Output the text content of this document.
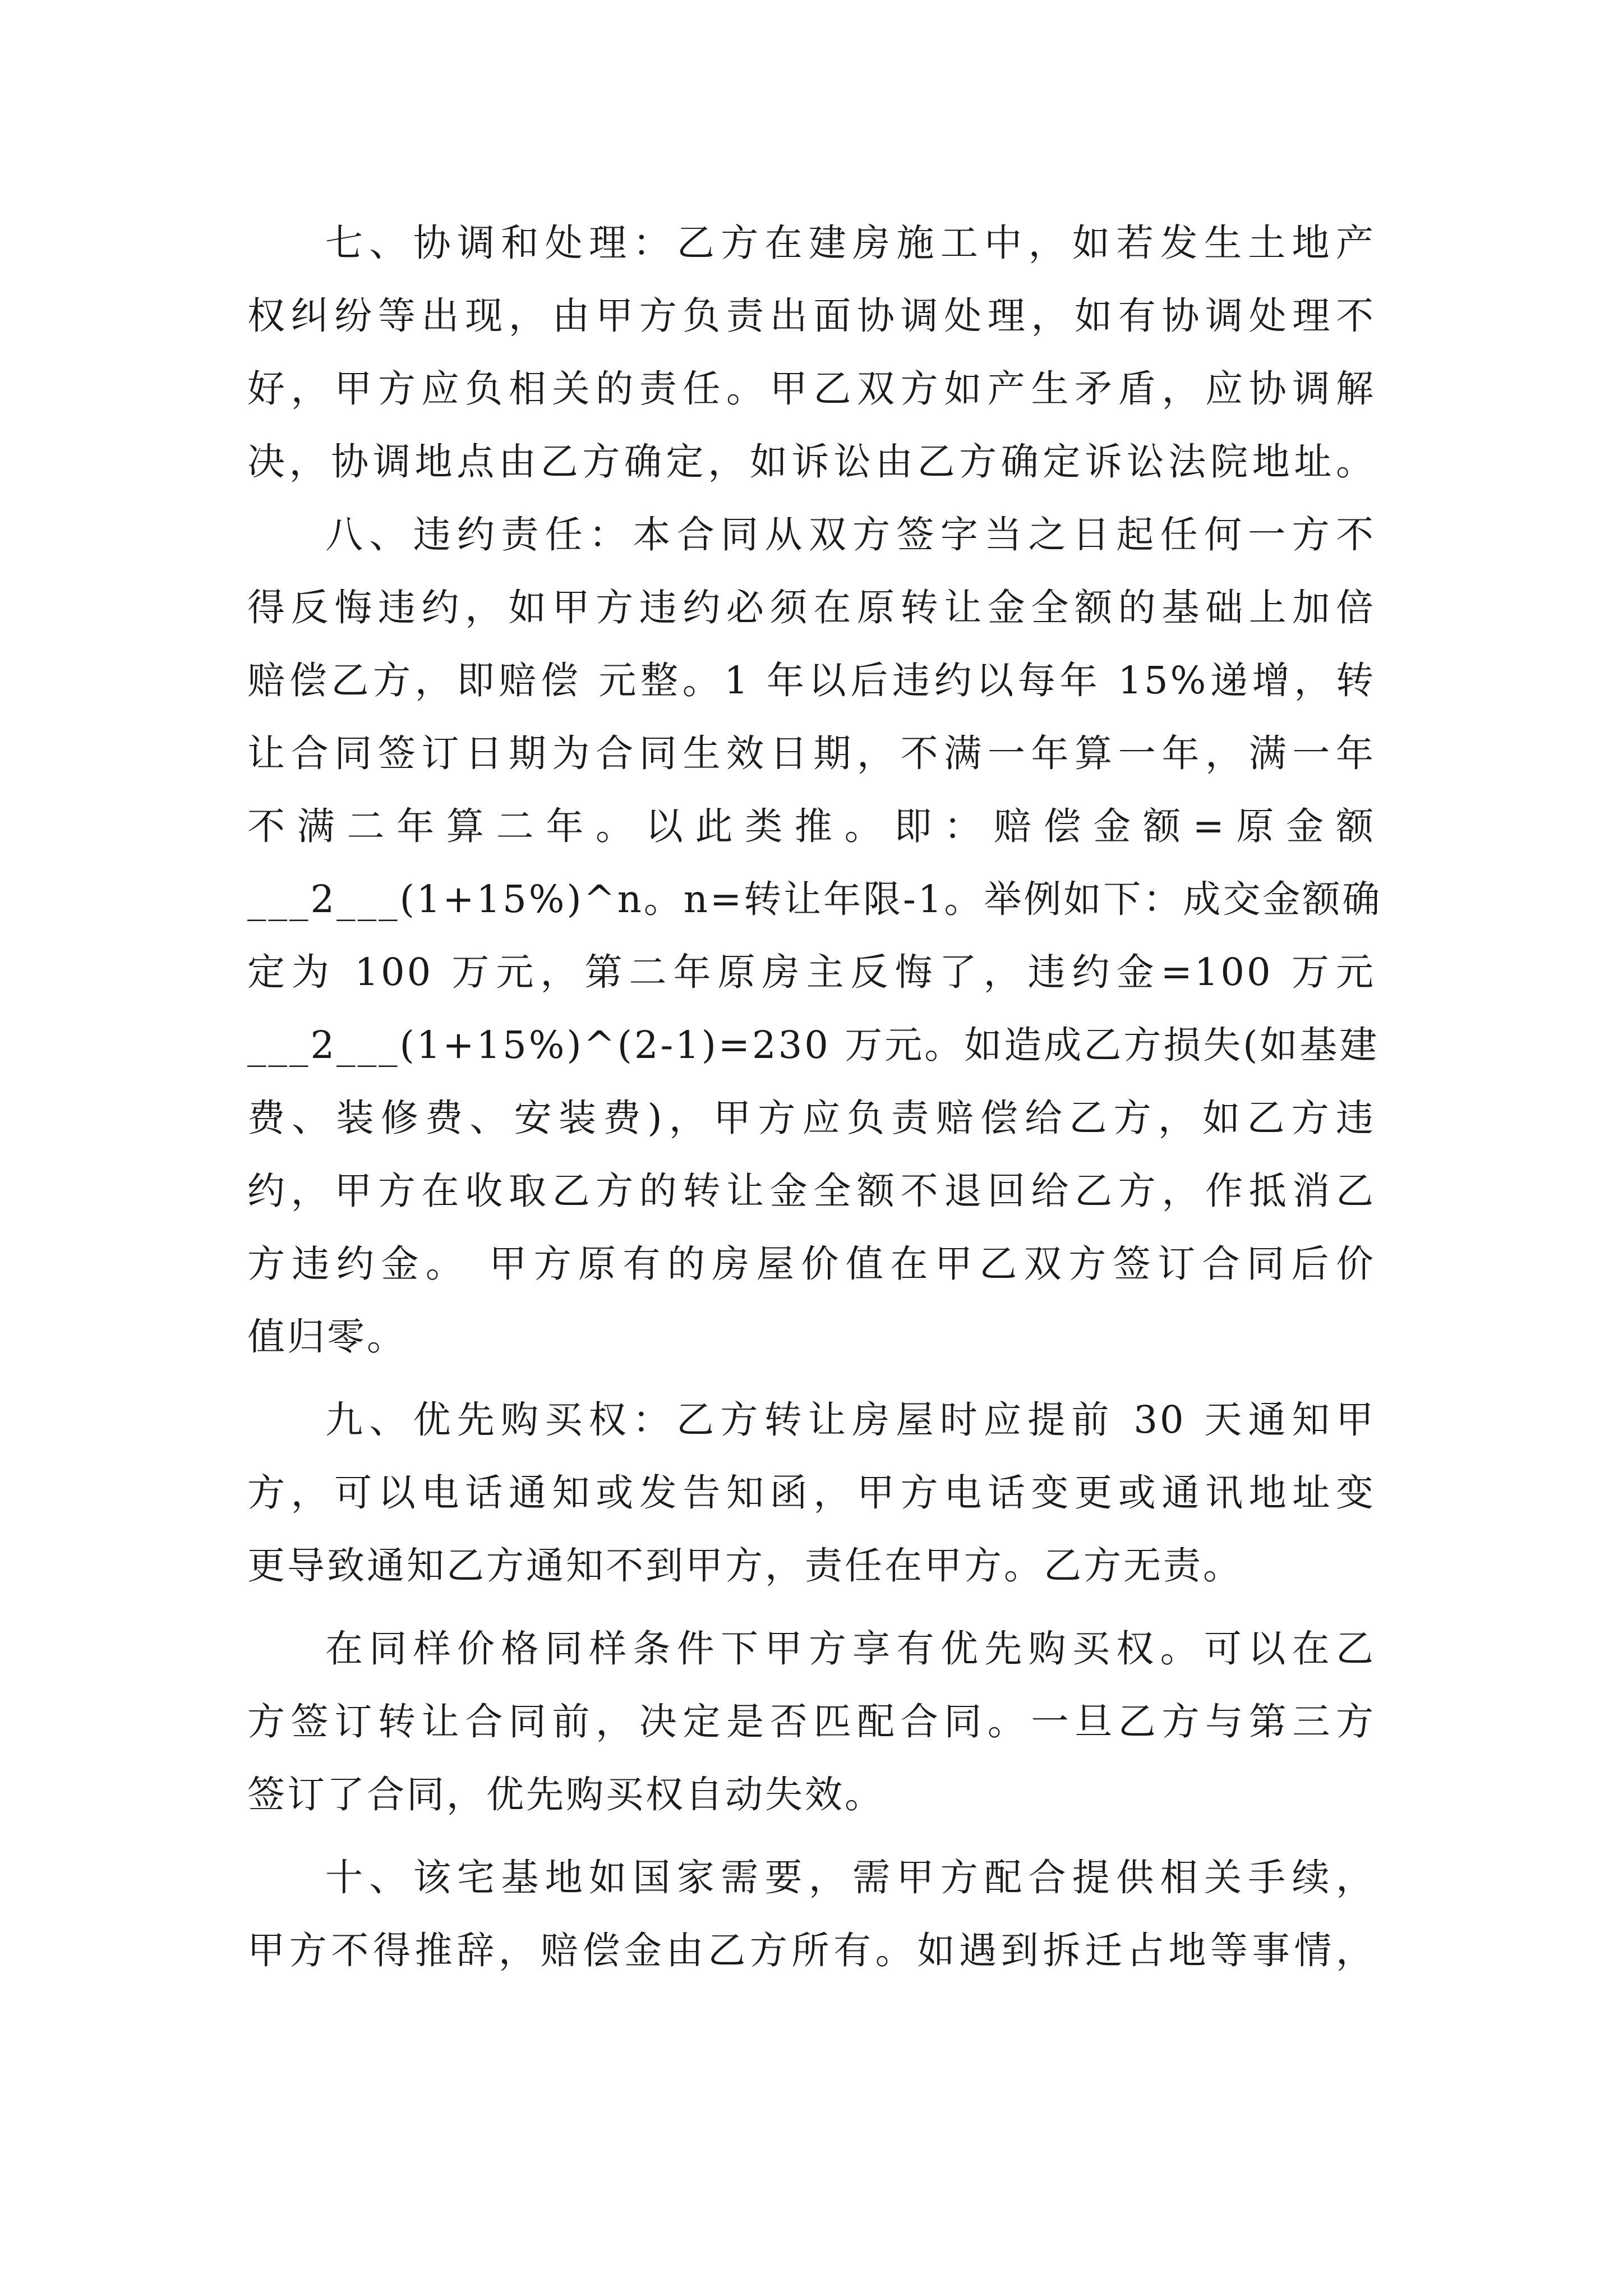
七、协调和处理：乙方在建房施工中，如若发生土地产
权纠纷等出现，由甲方负责出面协调处理，如有协调处理不
好，甲方应负相关的责任。甲乙双方如产生矛盾，应协调解
决，协调地点由乙方确定，如诉讼由乙方确定诉讼法院地址。
八、违约责任：本合同从双方签字当之日起任何一方不
得反悔违约，如甲方违约必须在原转让金全额的基础上加倍
赔偿乙方，即赔偿 元整。1 年以后违约以每年 15%递增，转
让合同签订日期为合同生效日期，不满一年算一年，满一年
不满二年算二年。以此类推。即：赔偿金额=原金额
___2___(1+15%)^n。n=转让年限-1。举例如下：成交金额确
定为 100 万元，第二年原房主反悔了，违约金=100 万元
___2___(1+15%)^(2-1)=230 万元。如造成乙方损失(如基建
费、装修费、安装费)，甲方应负责赔偿给乙方，如乙方违
约，甲方在收取乙方的转让金全额不退回给乙方，作抵消乙
方违约金。 甲方原有的房屋价值在甲乙双方签订合同后价
值归零。
九、优先购买权：乙方转让房屋时应提前 30 天通知甲
方，可以电话通知或发告知函，甲方电话变更或通讯地址变
更导致通知乙方通知不到甲方，责任在甲方。乙方无责。
在同样价格同样条件下甲方享有优先购买权。可以在乙
方签订转让合同前，决定是否匹配合同。一旦乙方与第三方
签订了合同，优先购买权自动失效。
十、该宅基地如国家需要，需甲方配合提供相关手续，
甲方不得推辞，赔偿金由乙方所有。如遇到拆迁占地等事情，
